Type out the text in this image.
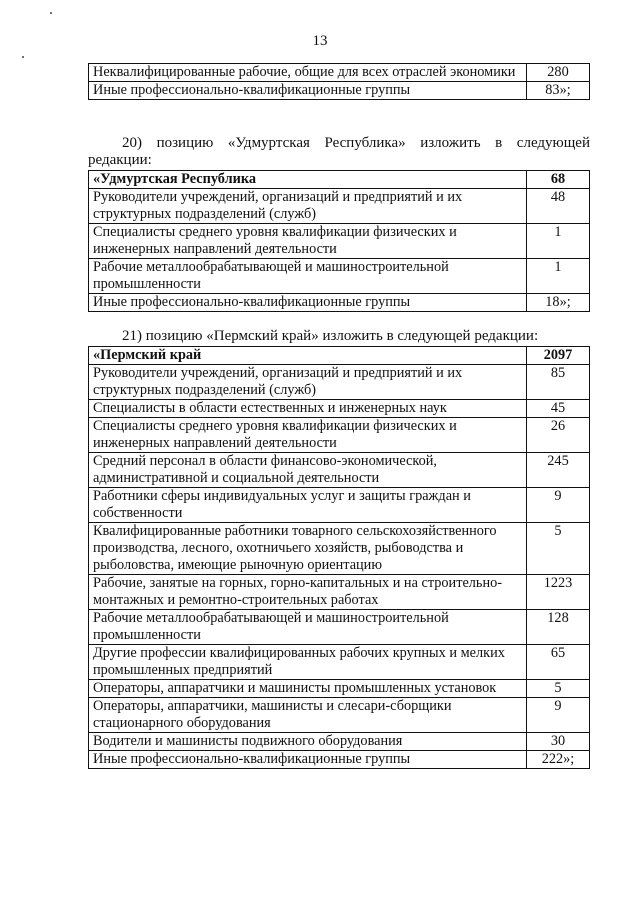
13
Неквалифицированные рабочие, общие для всех отраслей экономики	280
Иные профессионально-квалификационные группы	83»;
20) позицию «Удмуртская Республика» изложить в следующей редакции:
«Удмуртская Республика	68
Руководители учреждений, организаций и предприятий и их структурных подразделений (служб)	48
Специалисты среднего уровня квалификации физических и инженерных направлений деятельности	1
Рабочие металлообрабатывающей и машиностроительной промышленности	1
Иные профессионально-квалификационные группы	18»;
21) позицию «Пермский край» изложить в следующей редакции:
«Пермский край	2097
Руководители учреждений, организаций и предприятий и их структурных подразделений (служб)	85
Специалисты в области естественных и инженерных наук	45
Специалисты среднего уровня квалификации физических и инженерных направлений деятельности	26
Средний персонал в области финансово-экономической, административной и социальной деятельности	245
Работники сферы индивидуальных услуг и защиты граждан и собственности	9
Квалифицированные работники товарного сельскохозяйственного производства, лесного, охотничьего хозяйств, рыбоводства и рыболовства, имеющие рыночную ориентацию	5
Рабочие, занятые на горных, горно-капитальных и на строительно-монтажных и ремонтно-строительных работах	1223
Рабочие металлообрабатывающей и машиностроительной промышленности	128
Другие профессии квалифицированных рабочих крупных и мелких промышленных предприятий	65
Операторы, аппаратчики и машинисты промышленных установок	5
Операторы, аппаратчики, машинисты и слесари-сборщики стационарного оборудования	9
Водители и машинисты подвижного оборудования	30
Иные профессионально-квалификационные группы	222»;
